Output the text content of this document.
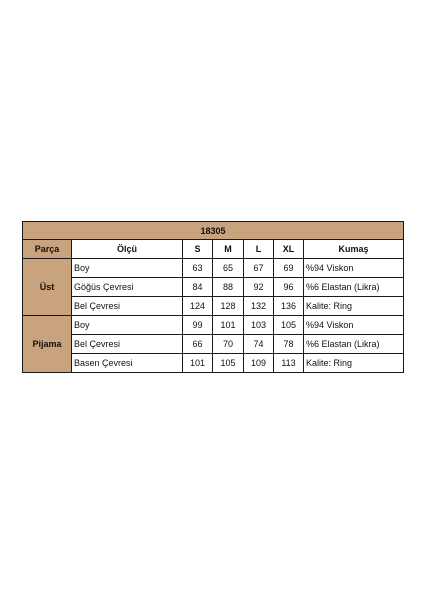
18305						
Parça	Ölçü	S	M	L	XL	Kumaş
Üst	Boy	63	65	67	69	%94 Viskon
	Göğüs Çevresi	84	88	92	96	%6 Elastan (Likra)
	Bel Çevresi	124	128	132	136	Kalite: Ring
Pijama	Boy	99	101	103	105	%94 Viskon
	Bel Çevresi	66	70	74	78	%6 Elastan (Likra)
	Basen Çevresi	101	105	109	113	Kalite: Ring
